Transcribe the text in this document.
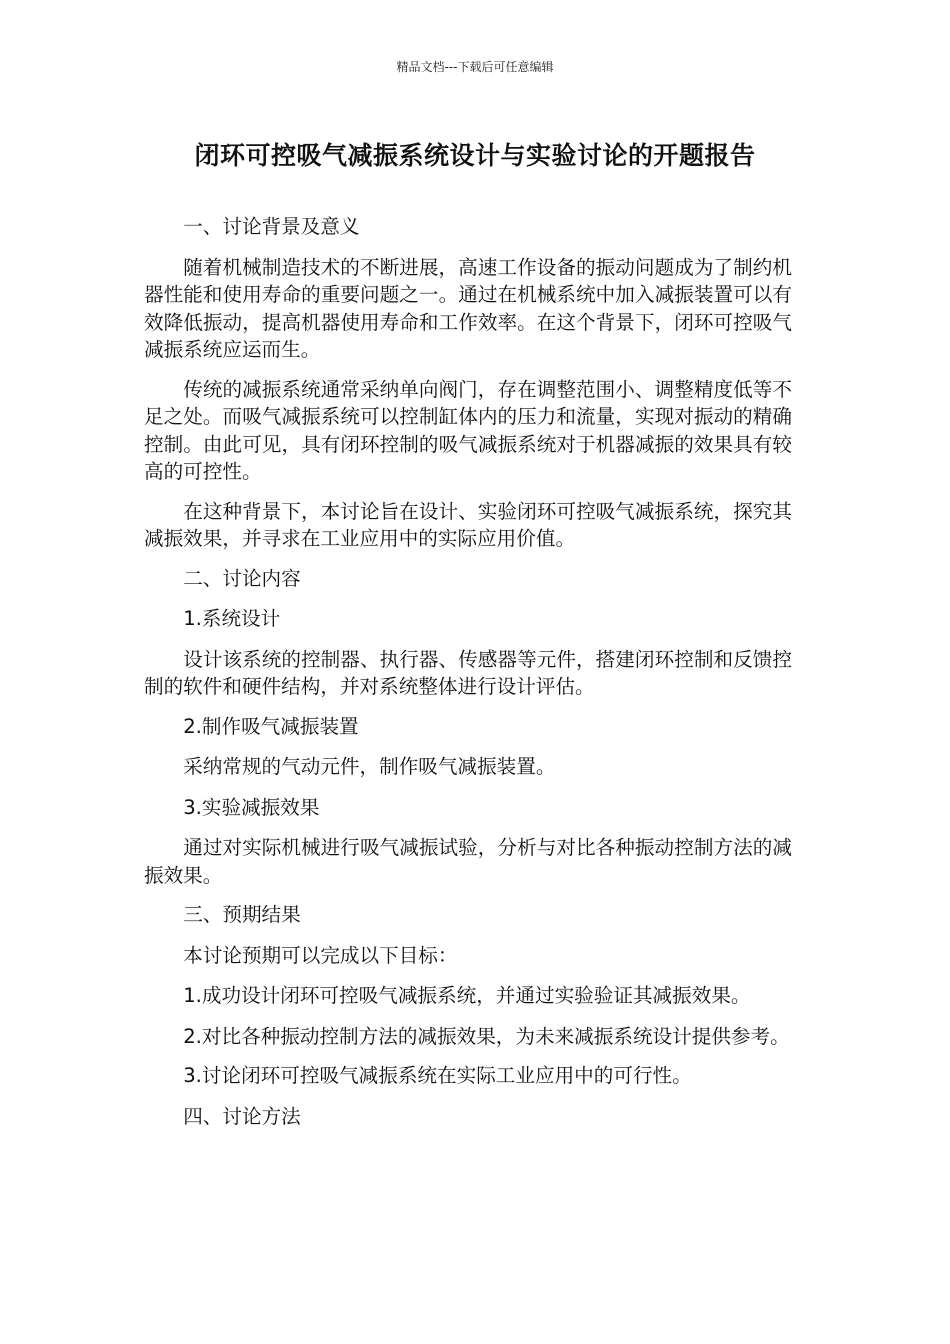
精品文档---下载后可任意编辑
闭环可控吸气减振系统设计与实验讨论的开题报告

一、讨论背景及意义

随着机械制造技术的不断进展，高速工作设备的振动问题成为了制约机器性能和使用寿命的重要问题之一。通过在机械系统中加入减振装置可以有效降低振动，提高机器使用寿命和工作效率。在这个背景下，闭环可控吸气减振系统应运而生。

传统的减振系统通常采纳单向阀门，存在调整范围小、调整精度低等不足之处。而吸气减振系统可以控制缸体内的压力和流量，实现对振动的精确控制。由此可见，具有闭环控制的吸气减振系统对于机器减振的效果具有较高的可控性。

在这种背景下，本讨论旨在设计、实验闭环可控吸气减振系统，探究其减振效果，并寻求在工业应用中的实际应用价值。

二、讨论内容

1.系统设计

设计该系统的控制器、执行器、传感器等元件，搭建闭环控制和反馈控制的软件和硬件结构，并对系统整体进行设计评估。

2.制作吸气减振装置

采纳常规的气动元件，制作吸气减振装置。

3.实验减振效果

通过对实际机械进行吸气减振试验，分析与对比各种振动控制方法的减振效果。

三、预期结果

本讨论预期可以完成以下目标：

1.成功设计闭环可控吸气减振系统，并通过实验验证其减振效果。

2.对比各种振动控制方法的减振效果，为未来减振系统设计提供参考。

3.讨论闭环可控吸气减振系统在实际工业应用中的可行性。

四、讨论方法
